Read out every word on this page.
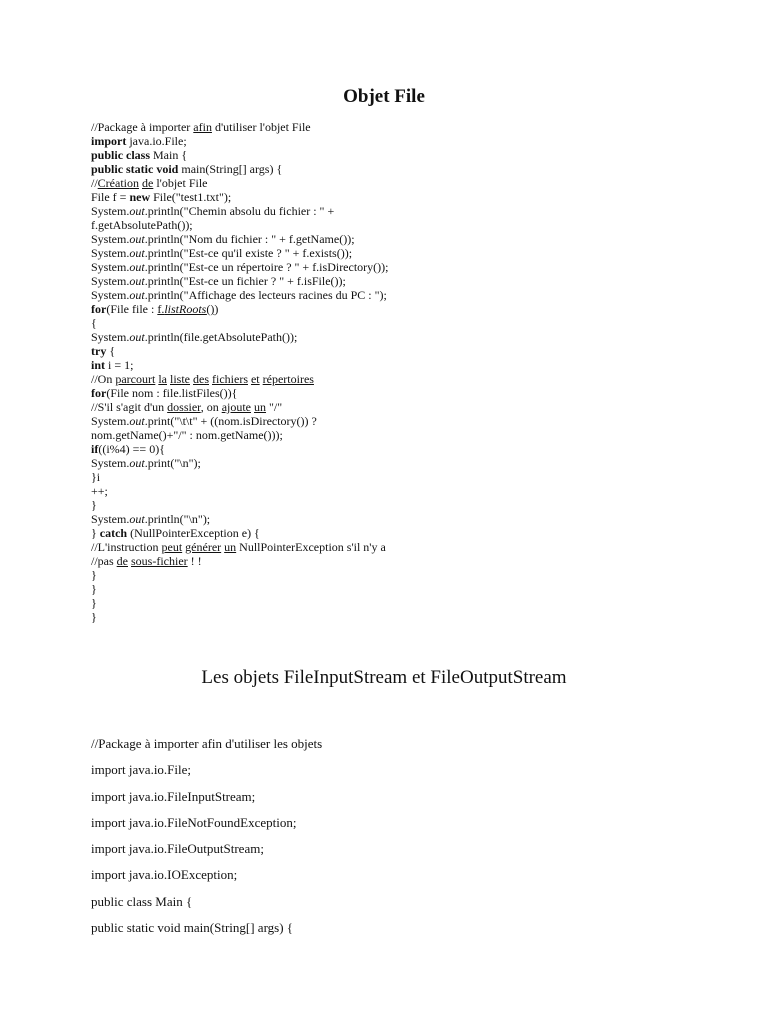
Objet File
//Package à importer afin d'utiliser l'objet File
import java.io.File;
public class Main {
public static void main(String[] args) {
//Création de l'objet File
File f = new File("test1.txt");
System.out.println("Chemin absolu du fichier : " +
f.getAbsolutePath());
System.out.println("Nom du fichier : " + f.getName());
System.out.println("Est-ce qu'il existe ? " + f.exists());
System.out.println("Est-ce un répertoire ? " + f.isDirectory());
System.out.println("Est-ce un fichier ? " + f.isFile());
System.out.println("Affichage des lecteurs racines du PC : ");
for(File file : f.listRoots())
{
System.out.println(file.getAbsolutePath());
try {
int i = 1;
//On parcourt la liste des fichiers et répertoires
for(File nom : file.listFiles()){
//S'il s'agit d'un dossier, on ajoute un "/"
System.out.print("\t\t" + ((nom.isDirectory()) ?
nom.getName()+"/" : nom.getName()));
if((i%4) == 0){
System.out.print("\n");
}i
++;
}
System.out.println("\n");
} catch (NullPointerException e) {
//L'instruction peut générer un NullPointerException s'il n'y a
//pas de sous-fichier ! !
}
}
}
}
Les objets FileInputStream et FileOutputStream
//Package à importer afin d'utiliser les objets
import java.io.File;
import java.io.FileInputStream;
import java.io.FileNotFoundException;
import java.io.FileOutputStream;
import java.io.IOException;
public class Main {
public static void main(String[] args) {
